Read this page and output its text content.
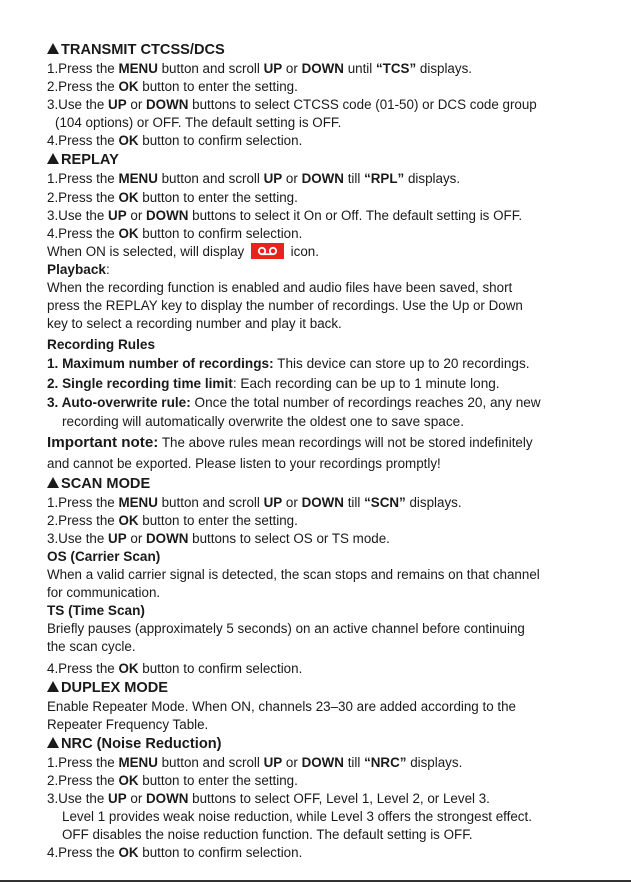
TRANSMIT CTCSS/DCS
1.Press the MENU button and scroll UP or DOWN until “TCS” displays.
2.Press the OK button to enter the setting.
3.Use the UP or DOWN buttons to select CTCSS code (01-50) or DCS code group
(104 options) or OFF. The default setting is OFF.
4.Press the OK button to confirm selection.
REPLAY
1.Press the MENU button and scroll UP or DOWN till “RPL” displays.
2.Press the OK button to enter the setting.
3.Use the UP or DOWN buttons to select it On or Off. The default setting is OFF.
4.Press the OK button to confirm selection.
When ON is selected, will display	icon.
Playback:
When the recording function is enabled and audio files have been saved, short
press the REPLAY key to display the number of recordings. Use the Up or Down
key to select a recording number and play it back.
Recording Rules
1. Maximum number of recordings: This device can store up to 20 recordings.
2. Single recording time limit: Each recording can be up to 1 minute long.
3. Auto-overwrite rule: Once the total number of recordings reaches 20, any new
recording will automatically overwrite the oldest one to save space.
Important note: The above rules mean recordings will not be stored indefinitely
and cannot be exported. Please listen to your recordings promptly!
SCAN MODE
1.Press the MENU button and scroll UP or DOWN till “SCN” displays.
2.Press the OK button to enter the setting.
3.Use the UP or DOWN buttons to select OS or TS mode.
OS (Carrier Scan)
When a valid carrier signal is detected, the scan stops and remains on that channel
for communication.
TS (Time Scan)
Briefly pauses (approximately 5 seconds) on an active channel before continuing
the scan cycle.
4.Press the OK button to confirm selection.
DUPLEX MODE
Enable Repeater Mode. When ON, channels 23–30 are added according to the
Repeater Frequency Table.
NRC (Noise Reduction)
1.Press the MENU button and scroll UP or DOWN till “NRC” displays.
2.Press the OK button to enter the setting.
3.Use the UP or DOWN buttons to select OFF, Level 1, Level 2, or Level 3.
Level 1 provides weak noise reduction, while Level 3 offers the strongest effect.
OFF disables the noise reduction function. The default setting is OFF.
4.Press the OK button to confirm selection.
